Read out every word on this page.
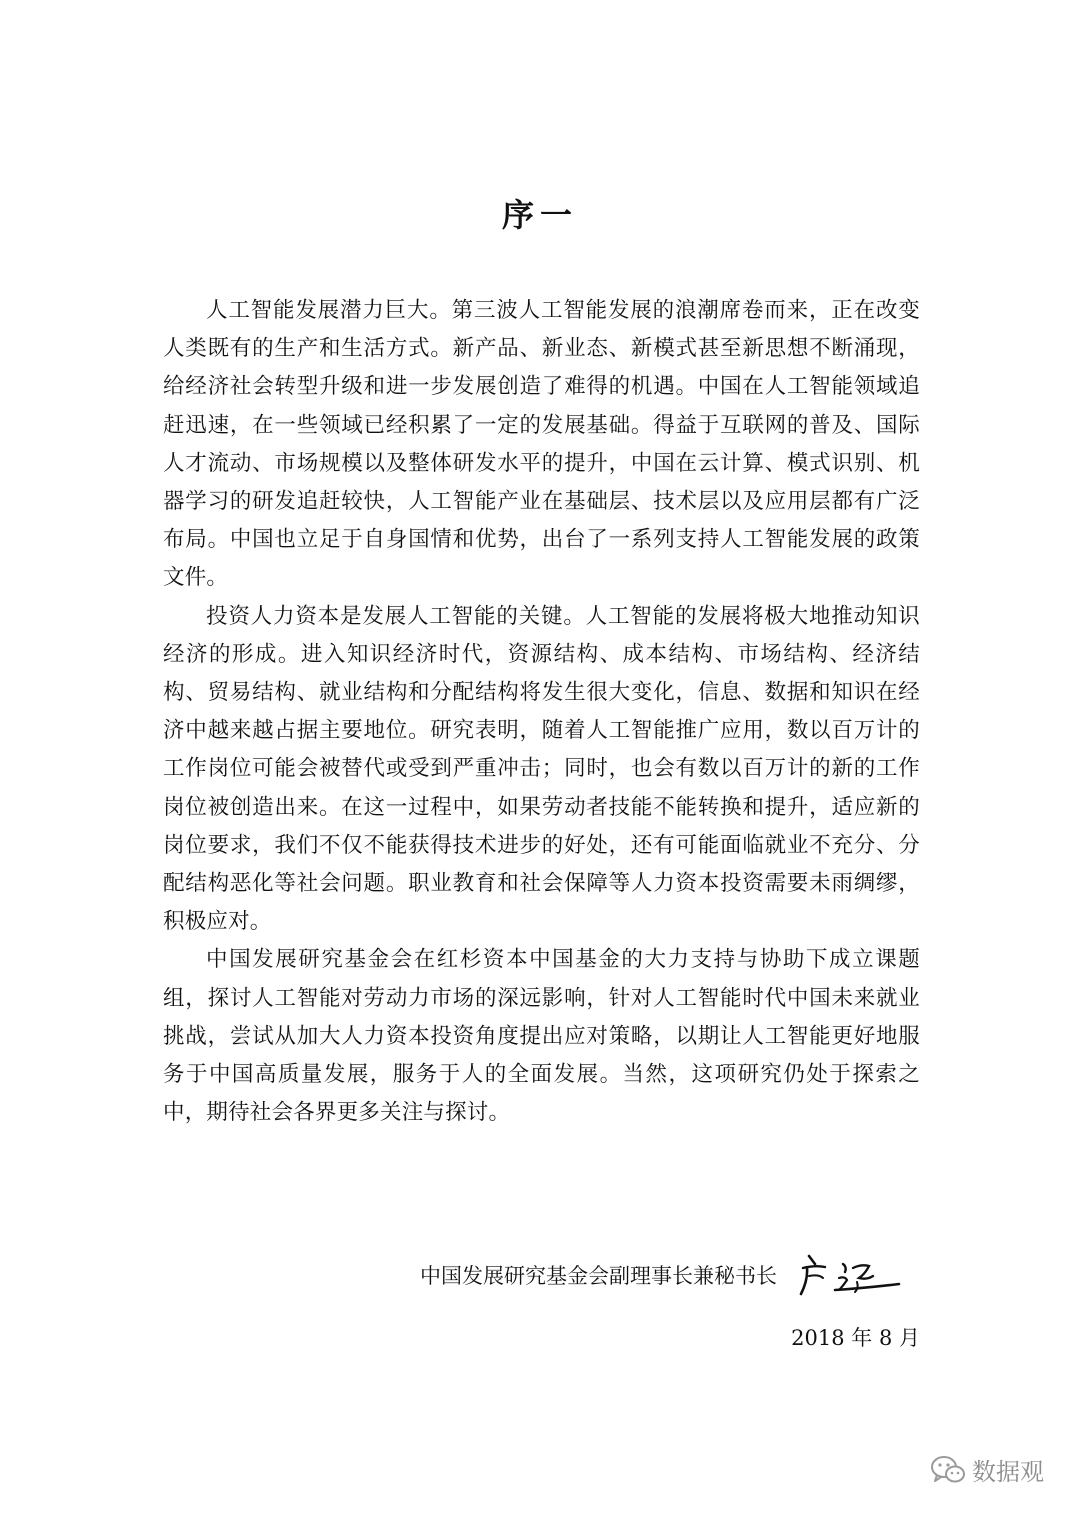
序一

人工智能发展潜力巨大。第三波人工智能发展的浪潮席卷而来，正在改变人类既有的生产和生活方式。新产品、新业态、新模式甚至新思想不断涌现，给经济社会转型升级和进一步发展创造了难得的机遇。中国在人工智能领域追赶迅速，在一些领域已经积累了一定的发展基础。得益于互联网的普及、国际人才流动、市场规模以及整体研发水平的提升，中国在云计算、模式识别、机器学习的研发追赶较快，人工智能产业在基础层、技术层以及应用层都有广泛布局。中国也立足于自身国情和优势，出台了一系列支持人工智能发展的政策文件。

投资人力资本是发展人工智能的关键。人工智能的发展将极大地推动知识经济的形成。进入知识经济时代，资源结构、成本结构、市场结构、经济结构、贸易结构、就业结构和分配结构将发生很大变化，信息、数据和知识在经济中越来越占据主要地位。研究表明，随着人工智能推广应用，数以百万计的工作岗位可能会被替代或受到严重冲击；同时，也会有数以百万计的新的工作岗位被创造出来。在这一过程中，如果劳动者技能不能转换和提升，适应新的岗位要求，我们不仅不能获得技术进步的好处，还有可能面临就业不充分、分配结构恶化等社会问题。职业教育和社会保障等人力资本投资需要未雨绸缪，积极应对。

中国发展研究基金会在红杉资本中国基金的大力支持与协助下成立课题组，探讨人工智能对劳动力市场的深远影响，针对人工智能时代中国未来就业挑战，尝试从加大人力资本投资角度提出应对策略，以期让人工智能更好地服务于中国高质量发展，服务于人的全面发展。当然，这项研究仍处于探索之中，期待社会各界更多关注与探讨。

中国发展研究基金会副理事长兼秘书长
2018 年 8 月
数据观
